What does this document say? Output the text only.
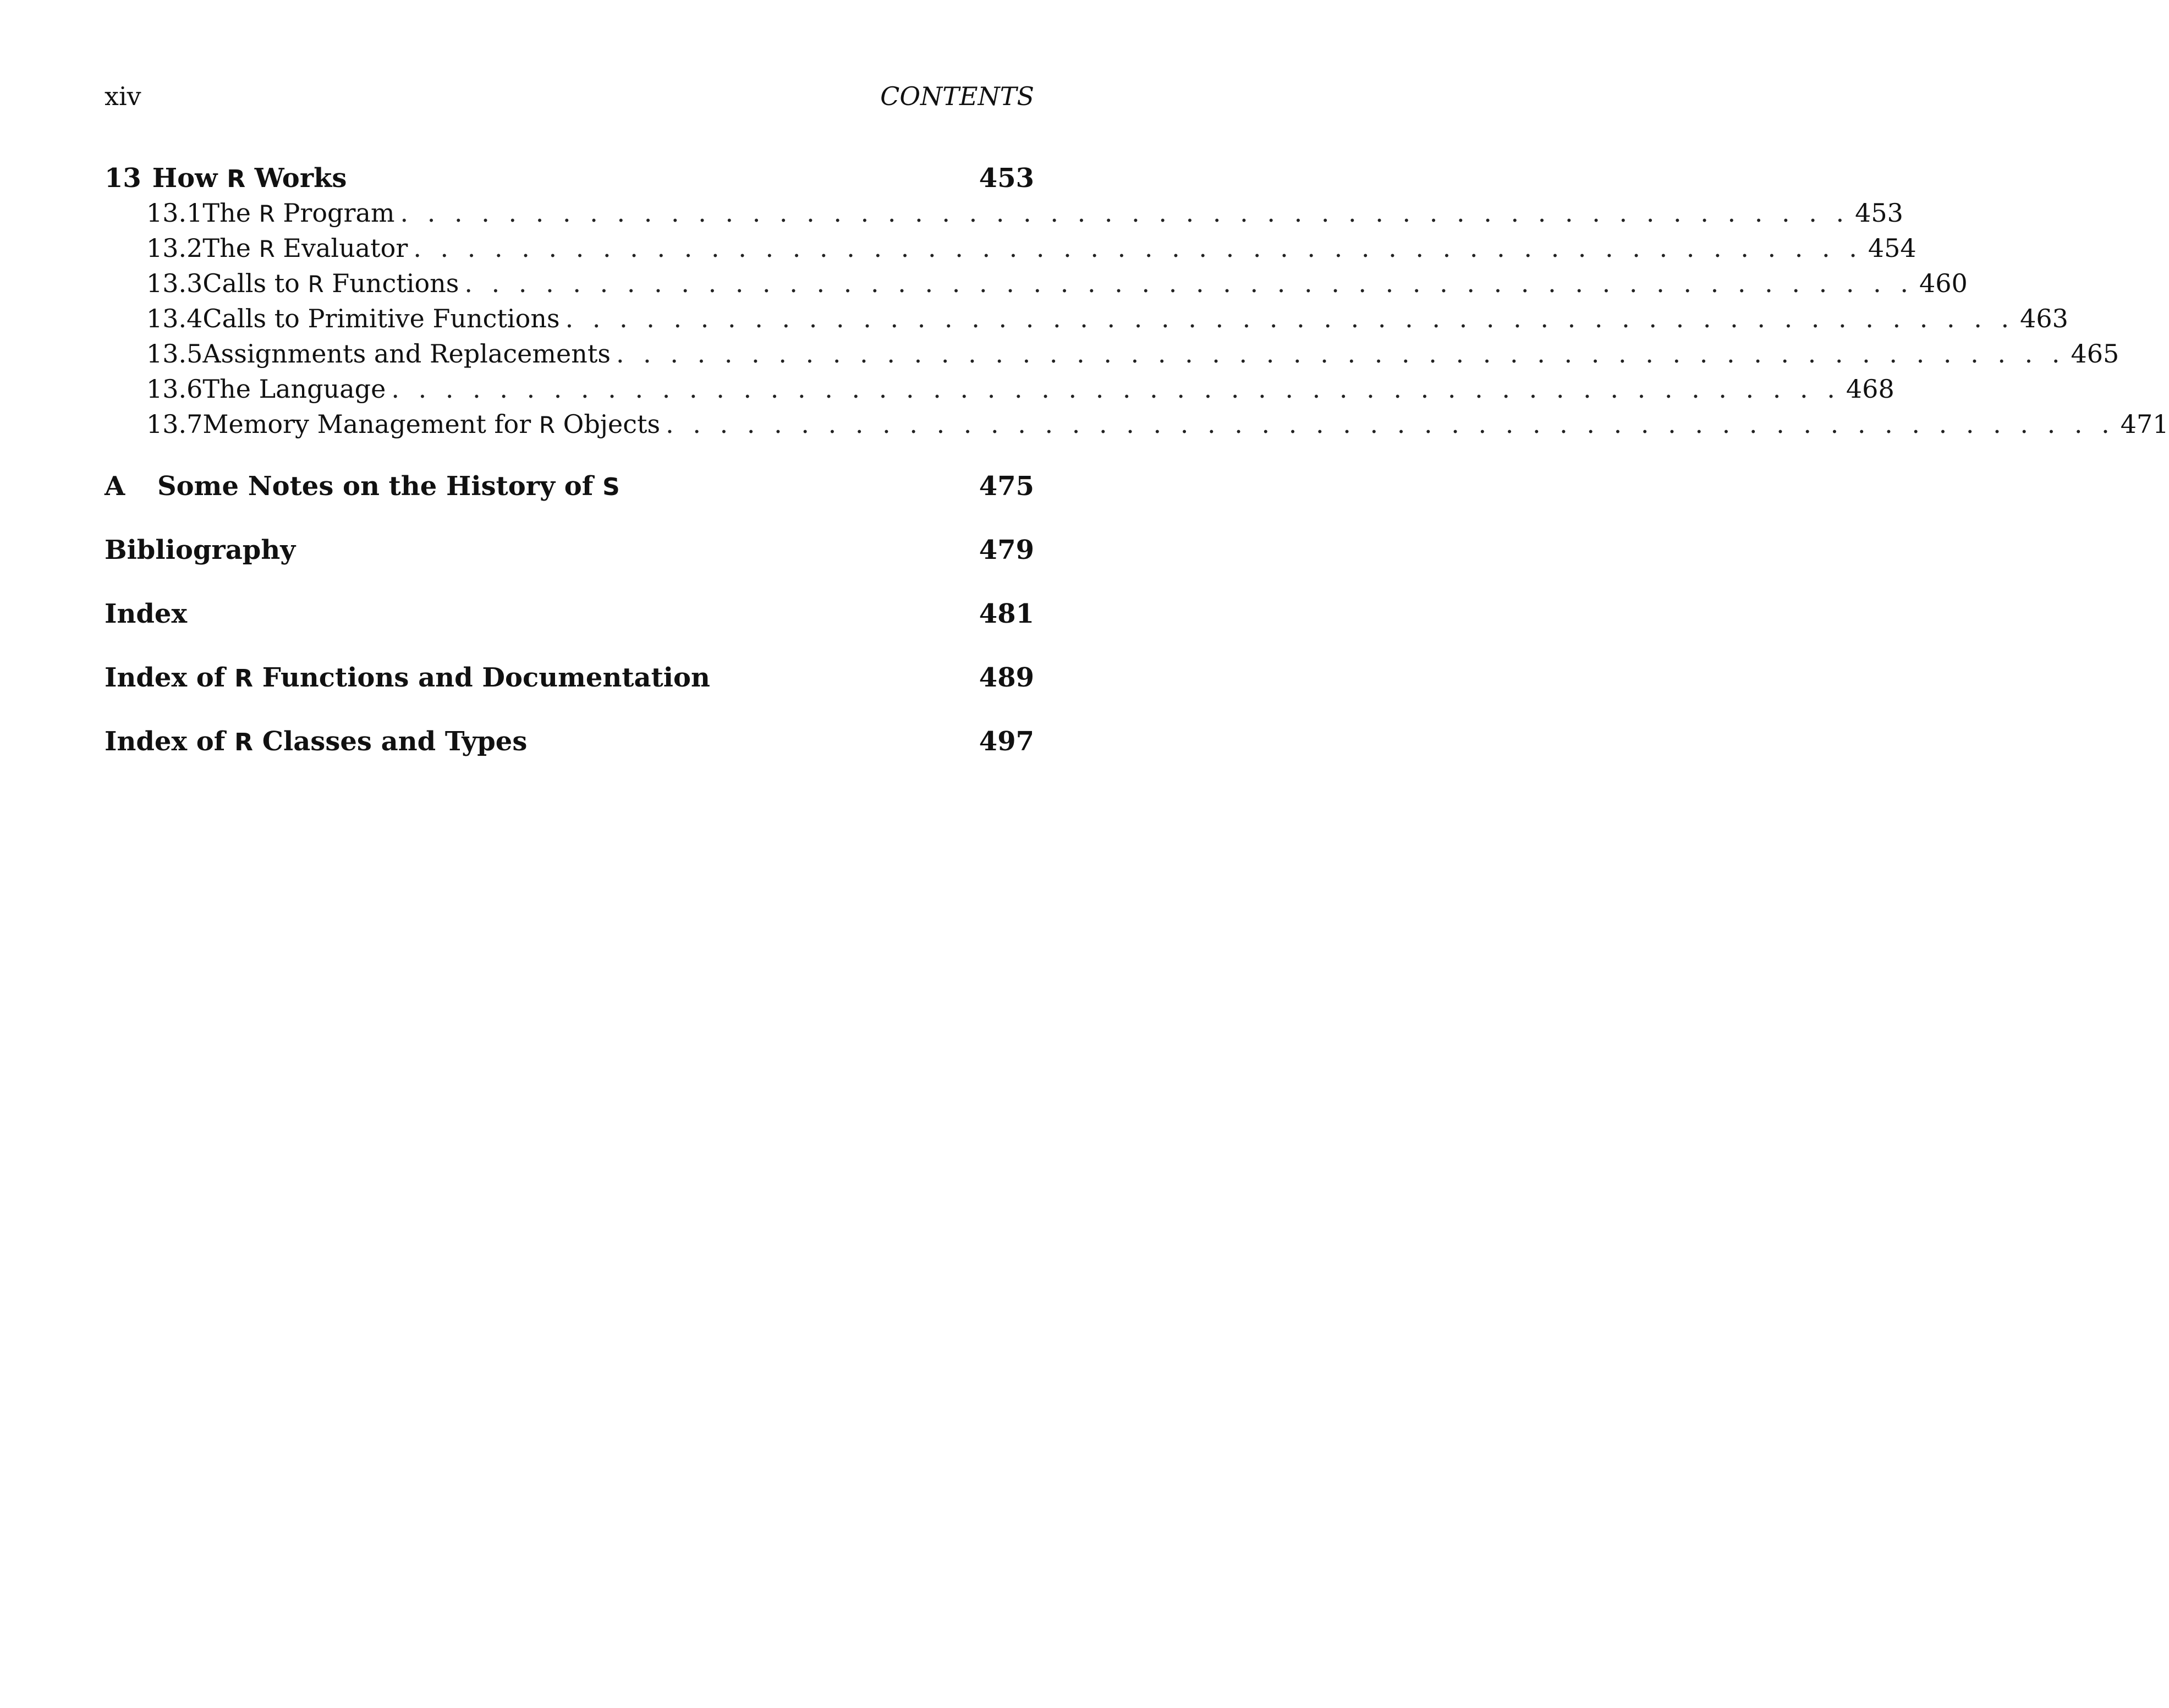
xiv	CONTENTS
13 How R Works	453
13.1 The R Program . . . . . . . . . . . . . . . . . . . . . . . . . . . . . . . . . . . . . . . . . . . . . . . . . . . . . . 453
13.2 The R Evaluator . . . . . . . . . . . . . . . . . . . . . . . . . . . . . . . . . . . . . . . . . . . . . . . . . . . . . . 454
13.3 Calls to R Functions . . . . . . . . . . . . . . . . . . . . . . . . . . . . . . . . . . . . . . . . . . . . . . . . . . . . . . 460
13.4 Calls to Primitive Functions . . . . . . . . . . . . . . . . . . . . . . . . . . . . . . . . . . . . . . . . . . . . . . . . . . . . . . 463
13.5 Assignments and Replacements . . . . . . . . . . . . . . . . . . . . . . . . . . . . . . . . . . . . . . . . . . . . . . . . . . . . . . 465
13.6 The Language . . . . . . . . . . . . . . . . . . . . . . . . . . . . . . . . . . . . . . . . . . . . . . . . . . . . . . 468
13.7 Memory Management for R Objects . . . . . . . . . . . . . . . . . . . . . . . . . . . . . . . . . . . . . . . . . . . . . . . . . . . . . . 471
A	Some Notes on the History of S	475
Bibliography	479
Index	481
Index of R Functions and Documentation	489
Index of R Classes and Types	497
